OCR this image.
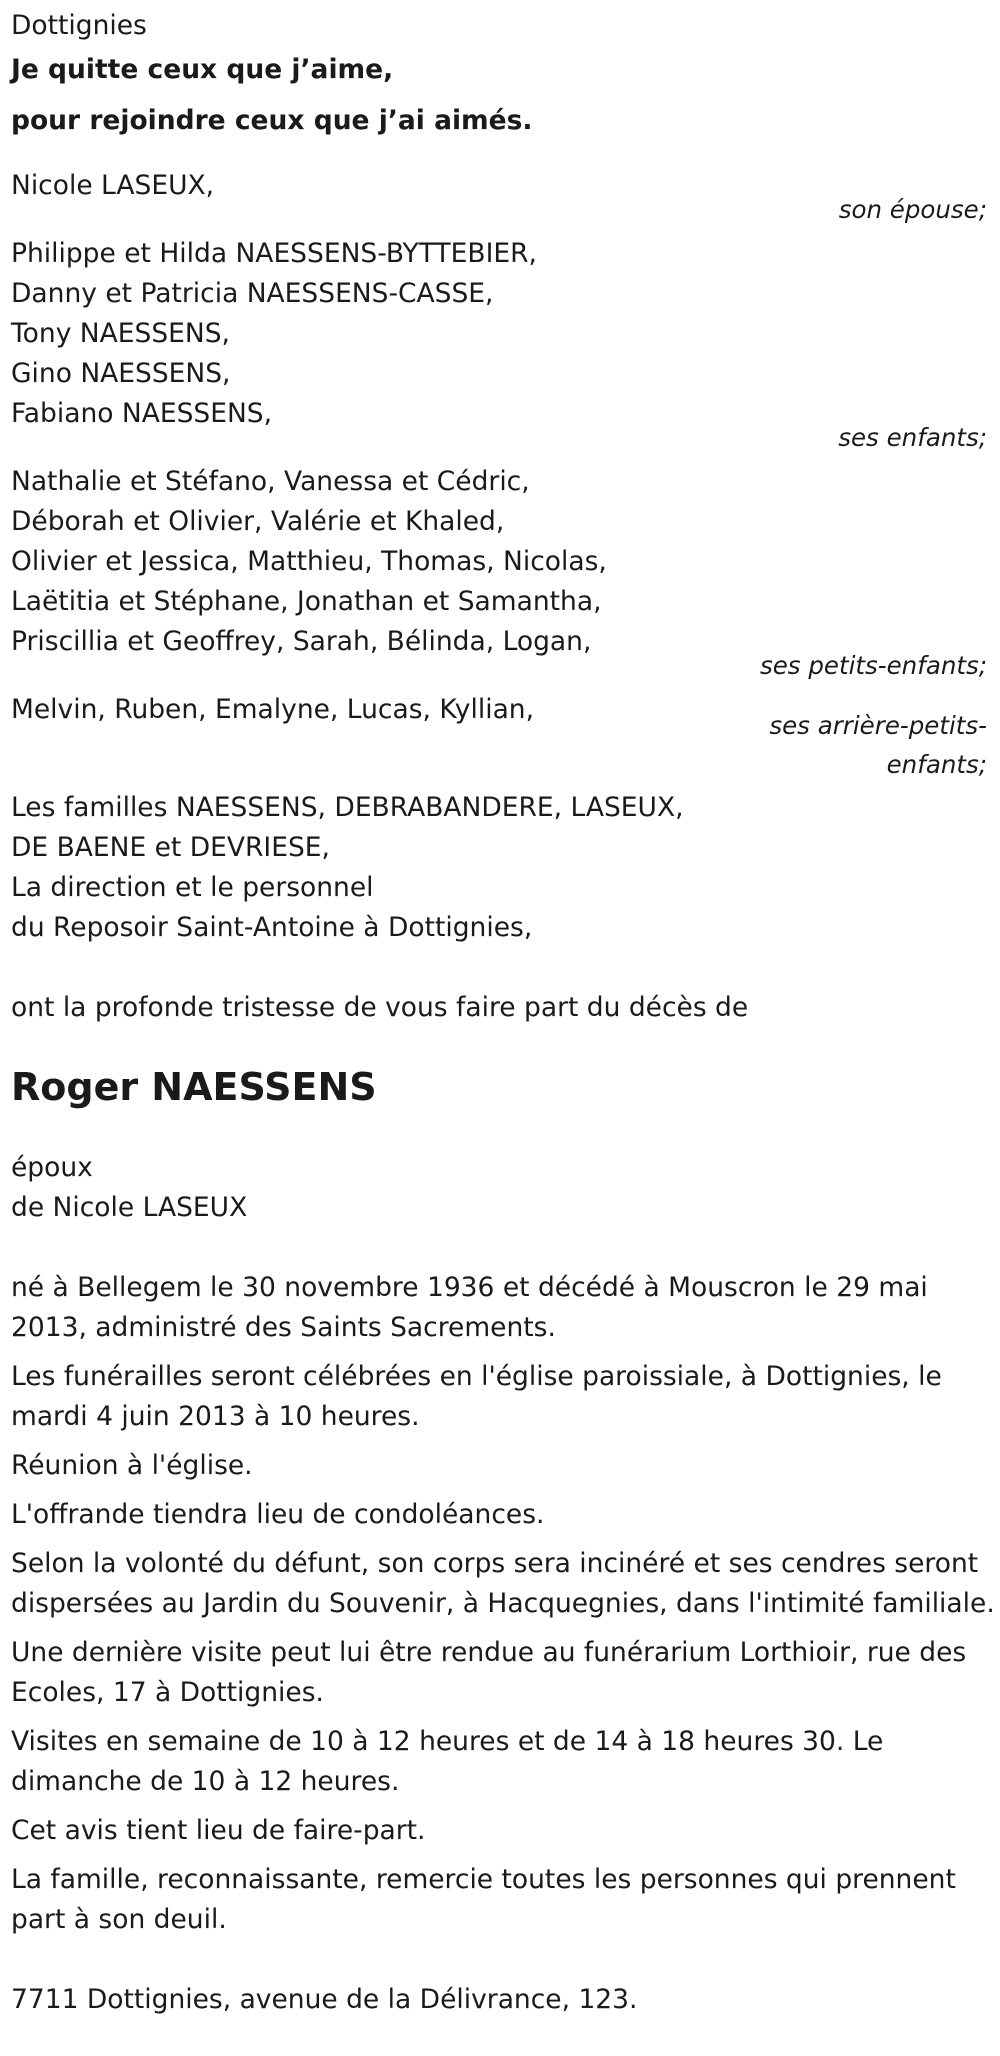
Dottignies
Je quitte ceux que j’aime,
pour rejoindre ceux que j’ai aimés.
Nicole LASEUX,
son épouse;
Philippe et Hilda NAESSENS-BYTTEBIER,
Danny et Patricia NAESSENS-CASSE,
Tony NAESSENS,
Gino NAESSENS,
Fabiano NAESSENS,
ses enfants;
Nathalie et Stéfano, Vanessa et Cédric,
Déborah et Olivier, Valérie et Khaled,
Olivier et Jessica, Matthieu, Thomas, Nicolas,
Laëtitia et Stéphane, Jonathan et Samantha,
Priscillia et Geoffrey, Sarah, Bélinda, Logan,
ses petits-enfants;
Melvin, Ruben, Emalyne, Lucas, Kyllian,
ses arrière-petits-
enfants;
Les familles NAESSENS, DEBRABANDERE, LASEUX,
DE BAENE et DEVRIESE,
La direction et le personnel
du Reposoir Saint-Antoine à Dottignies,
ont la profonde tristesse de vous faire part du décès de
Roger NAESSENS
époux
de Nicole LASEUX
né à Bellegem le 30 novembre 1936 et décédé à Mouscron le 29 mai 2013, administré des Saints Sacrements.
Les funérailles seront célébrées en l'église paroissiale, à Dottignies, le mardi 4 juin 2013 à 10 heures.
Réunion à l'église.
L'offrande tiendra lieu de condoléances.
Selon la volonté du défunt, son corps sera incinéré et ses cendres seront dispersées au Jardin du Souvenir, à Hacquegnies, dans l'intimité familiale.
Une dernière visite peut lui être rendue au funérarium Lorthioir, rue des Ecoles, 17 à Dottignies.
Visites en semaine de 10 à 12 heures et de 14 à 18 heures 30. Le dimanche de 10 à 12 heures.
Cet avis tient lieu de faire-part.
La famille, reconnaissante, remercie toutes les personnes qui prennent part à son deuil.
7711 Dottignies, avenue de la Délivrance, 123.
